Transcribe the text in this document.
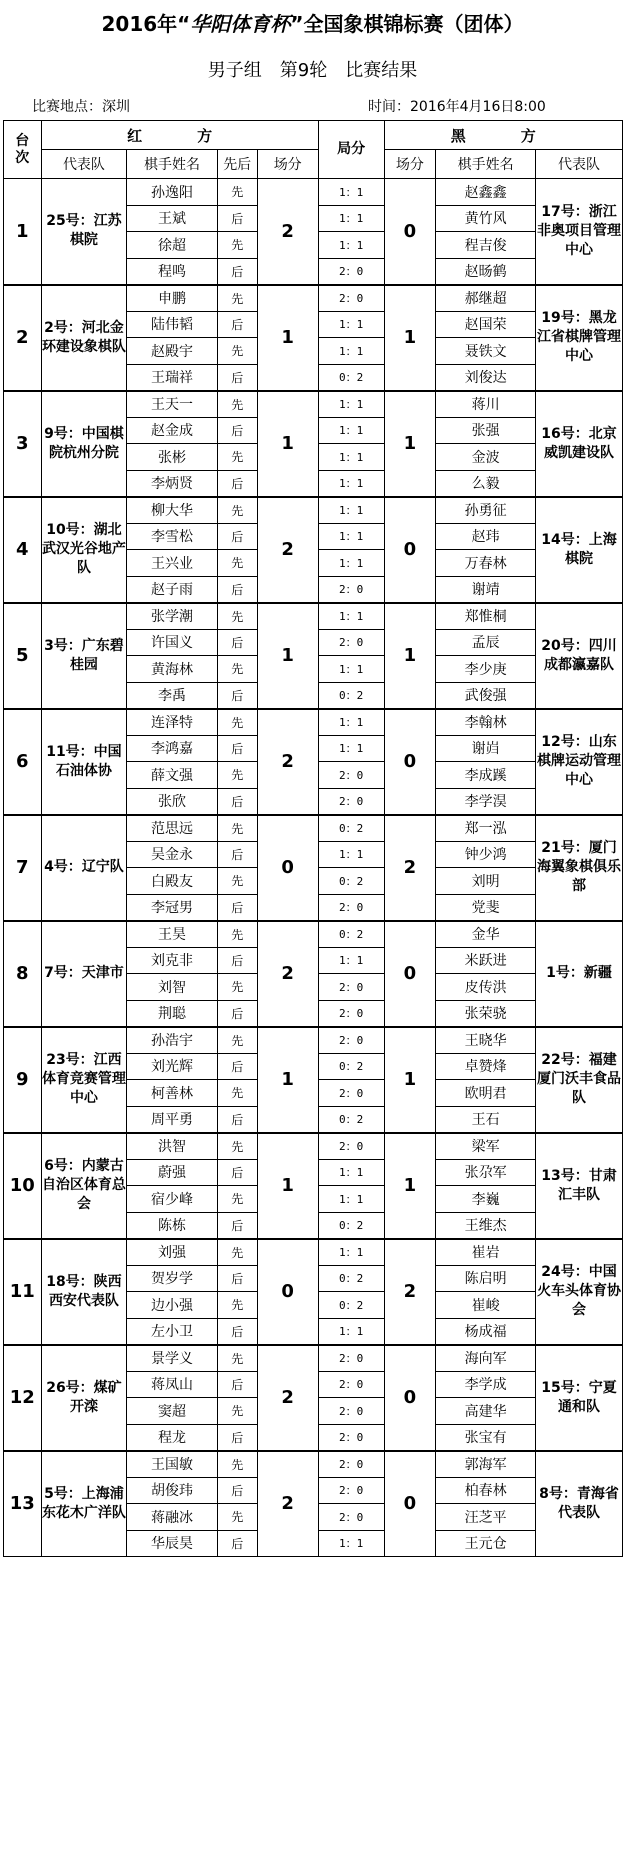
2016年“华阳体育杯”全国象棋锦标赛（团体）
男子组　第9轮　比赛结果
比赛地点：深圳	时间：2016年4月16日8:00
台次	红　方				局分	黑　方		
	代表队	棋手姓名	先后	场分		场分	棋手姓名	代表队
1	25号：江苏棋院	孙逸阳	先	2	1：1	0	赵鑫鑫	17号：浙江非奥项目管理中心
		王斌	后		1：1		黄竹风	
		徐超	先		1：1		程吉俊	
		程鸣	后		2：0		赵旸鹤	
2	2号：河北金环建设象棋队	申鹏	先	1	2：0	1	郝继超	19号：黑龙江省棋牌管理中心
		陆伟韬	后		1：1		赵国荣	
		赵殿宇	先		1：1		聂铁文	
		王瑞祥	后		0：2		刘俊达	
3	9号：中国棋院杭州分院	王天一	先	1	1：1	1	蒋川	16号：北京威凯建设队
		赵金成	后		1：1		张强	
		张彬	先		1：1		金波	
		李炳贤	后		1：1		么毅	
4	10号：湖北武汉光谷地产队	柳大华	先	2	1：1	0	孙勇征	14号：上海棋院
		李雪松	后		1：1		赵玮	
		王兴业	先		1：1		万春林	
		赵子雨	后		2：0		谢靖	
5	3号：广东碧桂园	张学潮	先	1	1：1	1	郑惟桐	20号：四川成都瀛嘉队
		许国义	后		2：0		孟辰	
		黄海林	先		1：1		李少庚	
		李禹	后		0：2		武俊强	
6	11号：中国石油体协	连泽特	先	2	1：1	0	李翰林	12号：山东棋牌运动管理中心
		李鸿嘉	后		1：1		谢岿	
		薛文强	先		2：0		李成蹊	
		张欣	后		2：0		李学淏	
7	4号：辽宁队	范思远	先	0	0：2	2	郑一泓	21号：厦门海翼象棋俱乐部
		吴金永	后		1：1		钟少鸿	
		白殿友	先		0：2		刘明	
		李冠男	后		2：0		党斐	
8	7号：天津市	王昊	先	2	0：2	0	金华	1号：新疆
		刘克非	后		1：1		米跃进	
		刘智	先		2：0		皮传洪	
		荆聪	后		2：0		张荣骁	
9	23号：江西体育竞赛管理中心	孙浩宇	先	1	2：0	1	王晓华	22号：福建厦门沃丰食品队
		刘光辉	后		0：2		卓赞烽	
		柯善林	先		2：0		欧明君	
		周平勇	后		0：2		王石	
10	6号：内蒙古自治区体育总会	洪智	先	1	2：0	1	梁军	13号：甘肃汇丰队
		蔚强	后		1：1		张尕军	
		宿少峰	先		1：1		李巍	
		陈栋	后		0：2		王维杰	
11	18号：陕西西安代表队	刘强	先	0	1：1	2	崔岩	24号：中国火车头体育协会
		贺岁学	后		0：2		陈启明	
		边小强	先		0：2		崔峻	
		左小卫	后		1：1		杨成福	
12	26号：煤矿开滦	景学义	先	2	2：0	0	海向军	15号：宁夏通和队
		蒋凤山	后		2：0		李学成	
		窦超	先		2：0		高建华	
		程龙	后		2：0		张宝有	
13	5号：上海浦东花木广洋队	王国敏	先	2	2：0	0	郭海军	8号：青海省代表队
		胡俊玮	后		2：0		柏春林	
		蒋融冰	先		2：0		汪芝平	
		华辰昊	后		1：1		王元仓	
